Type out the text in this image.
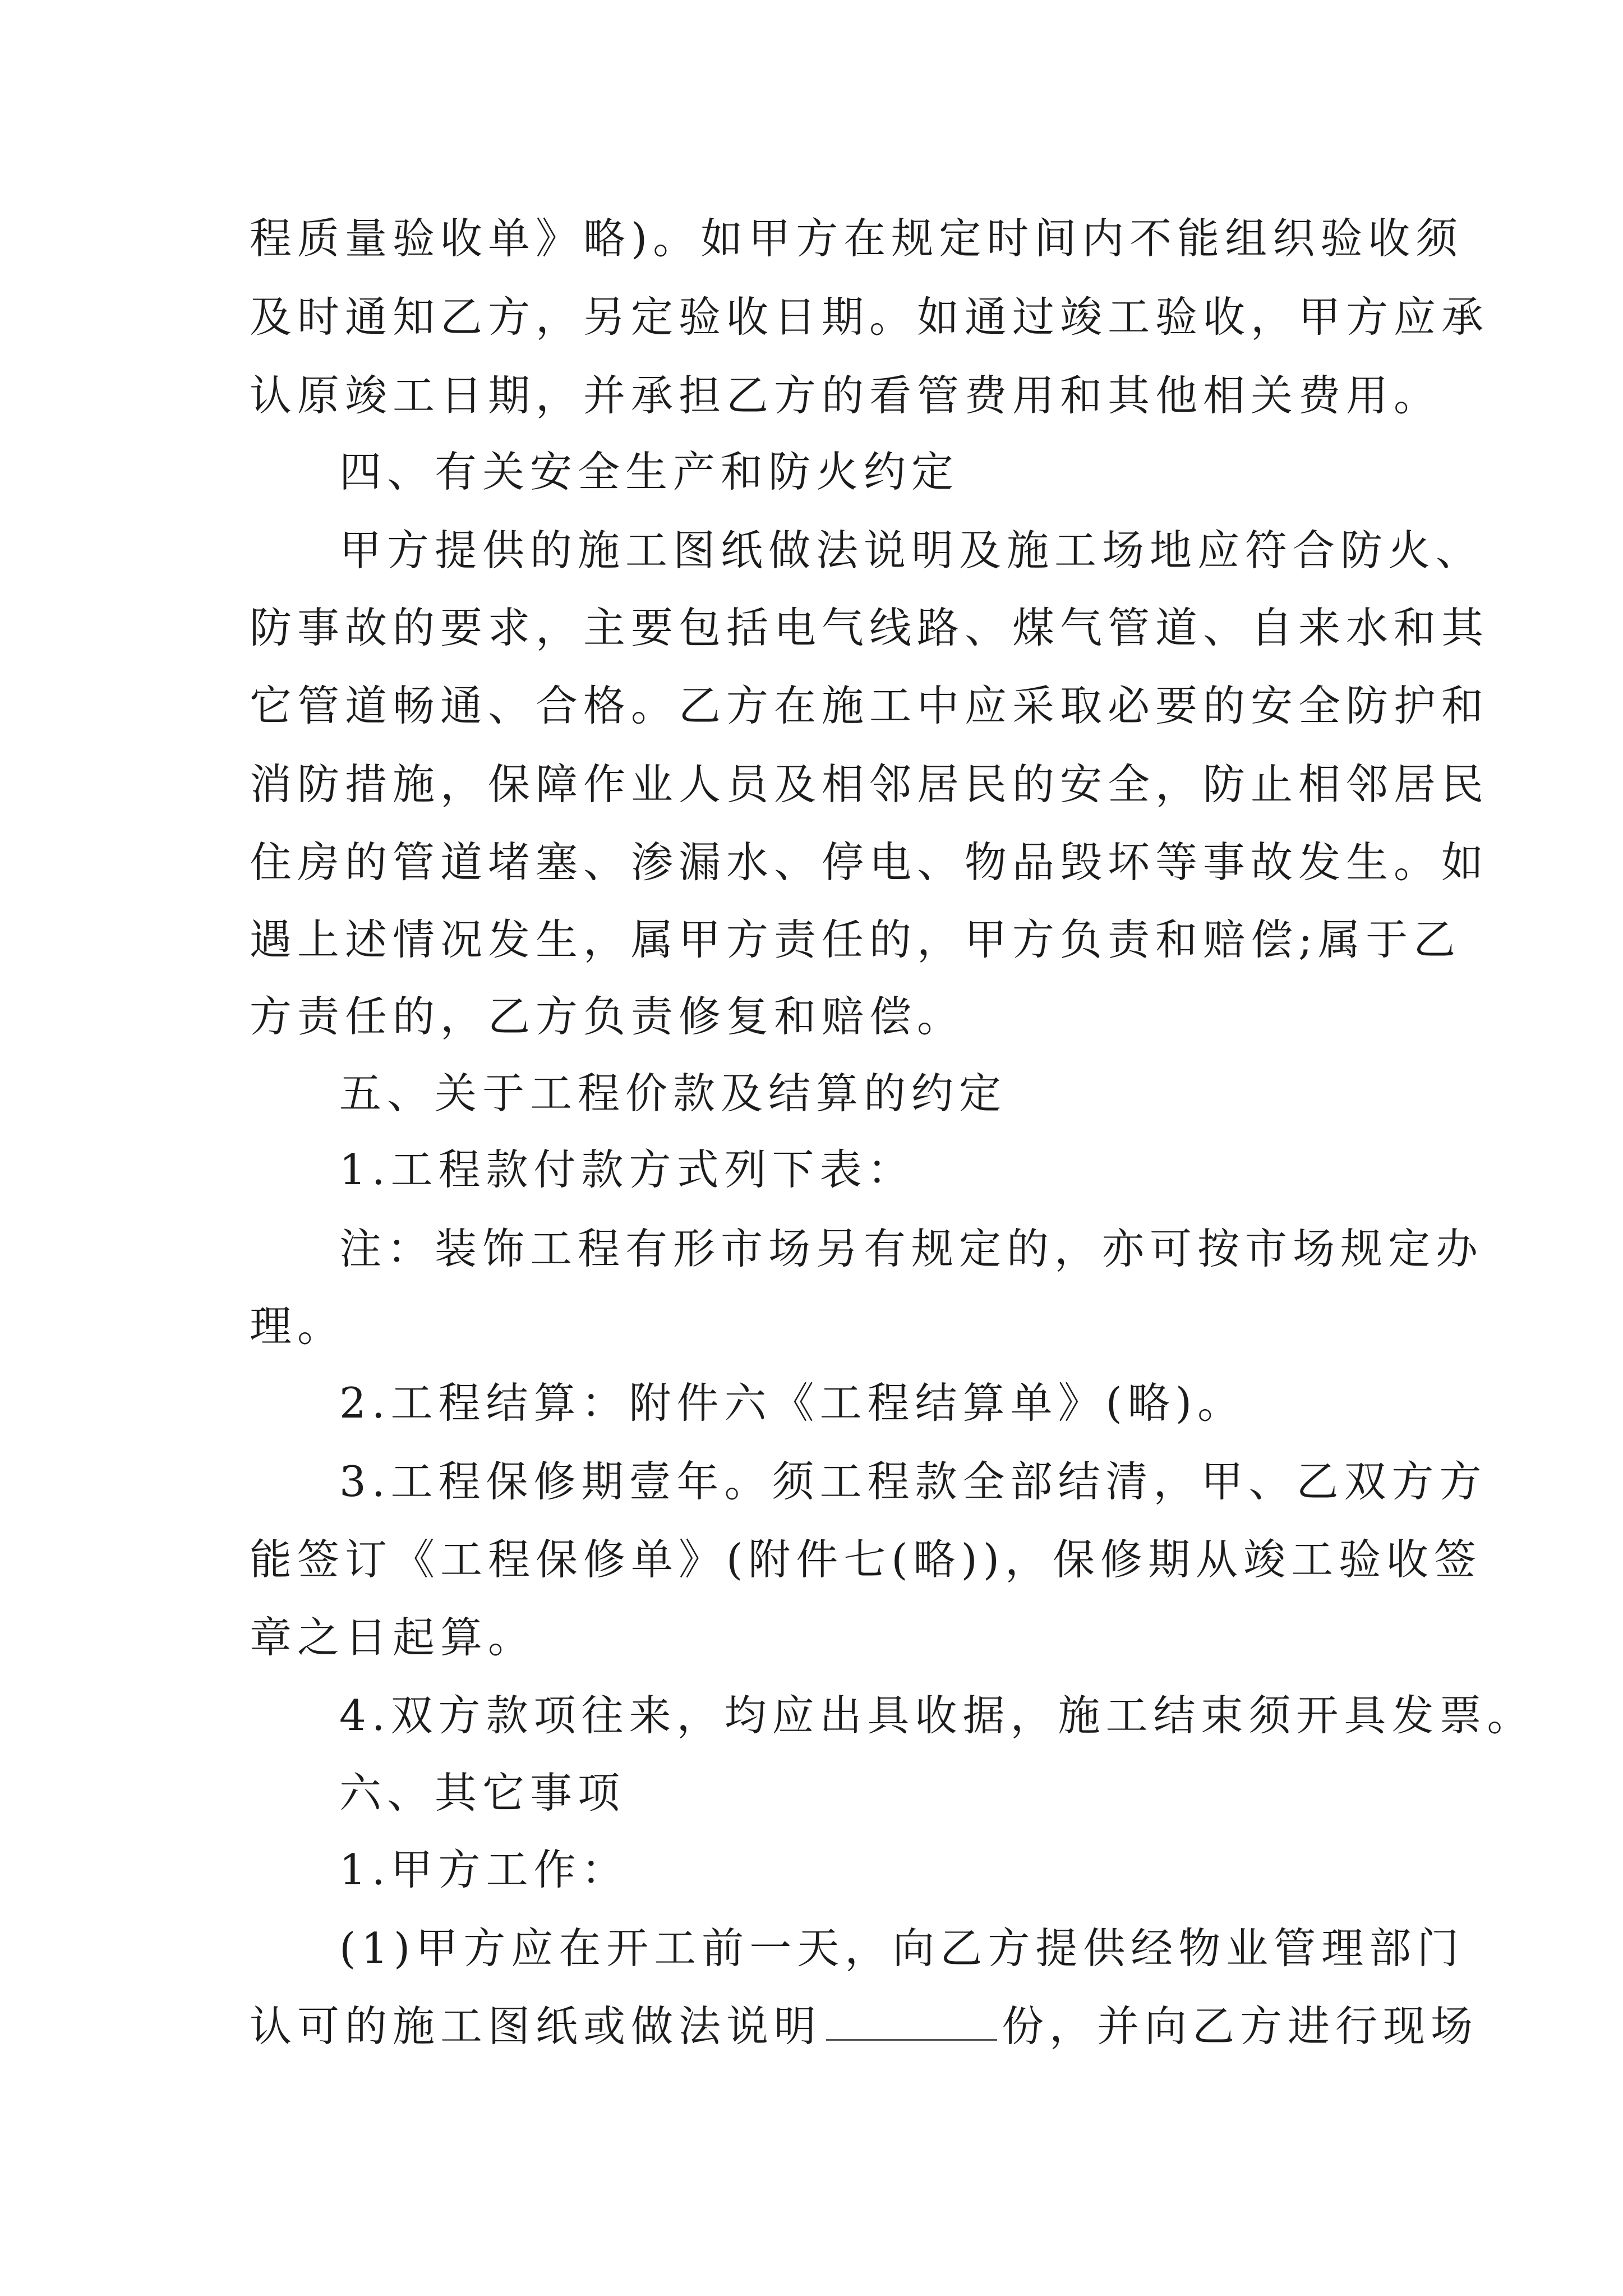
程质量验收单》略)。如甲方在规定时间内不能组织验收须
及时通知乙方，另定验收日期。如通过竣工验收，甲方应承
认原竣工日期，并承担乙方的看管费用和其他相关费用。
四、有关安全生产和防火约定
甲方提供的施工图纸做法说明及施工场地应符合防火、
防事故的要求，主要包括电气线路、煤气管道、自来水和其
它管道畅通、合格。乙方在施工中应采取必要的安全防护和
消防措施，保障作业人员及相邻居民的安全，防止相邻居民
住房的管道堵塞、渗漏水、停电、物品毁坏等事故发生。如
遇上述情况发生，属甲方责任的，甲方负责和赔偿;属于乙
方责任的，乙方负责修复和赔偿。
五、关于工程价款及结算的约定
1.工程款付款方式列下表：
注：装饰工程有形市场另有规定的，亦可按市场规定办
理。
2.工程结算：附件六《工程结算单》(略)。
3.工程保修期壹年。须工程款全部结清，甲、乙双方方
能签订《工程保修单》(附件七(略))，保修期从竣工验收签
章之日起算。
4.双方款项往来，均应出具收据，施工结束须开具发票。
六、其它事项
1.甲方工作：
(1)甲方应在开工前一天，向乙方提供经物业管理部门
认可的施工图纸或做法说明	份，并向乙方进行现场
